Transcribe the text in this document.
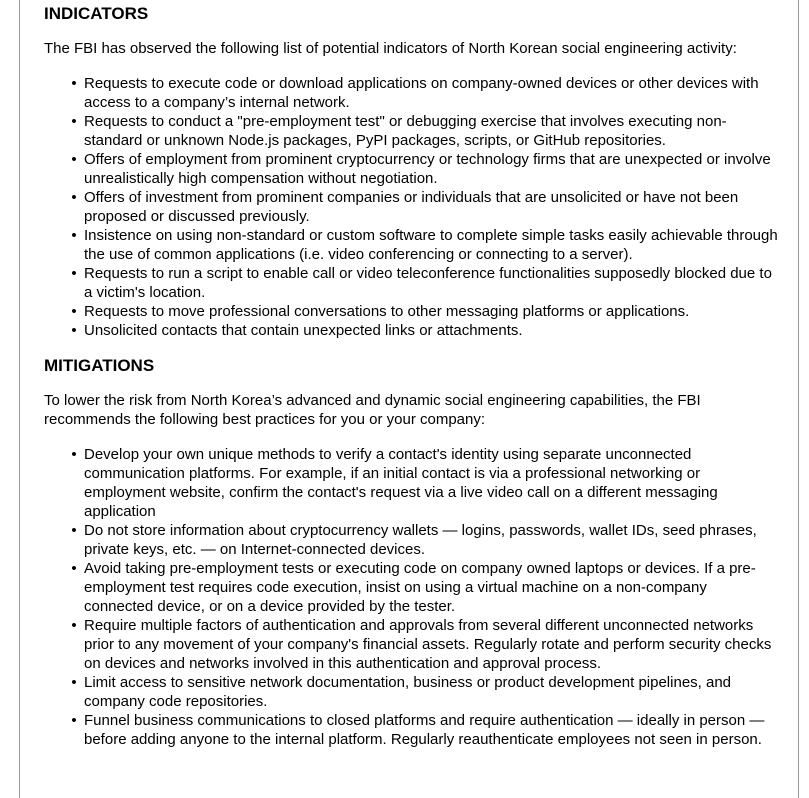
INDICATORS

The FBI has observed the following list of potential indicators of North Korean social engineering activity:

• Requests to execute code or download applications on company-owned devices or other devices with access to a company’s internal network.
• Requests to conduct a "pre-employment test" or debugging exercise that involves executing non-standard or unknown Node.js packages, PyPI packages, scripts, or GitHub repositories.
• Offers of employment from prominent cryptocurrency or technology firms that are unexpected or involve unrealistically high compensation without negotiation.
• Offers of investment from prominent companies or individuals that are unsolicited or have not been proposed or discussed previously.
• Insistence on using non-standard or custom software to complete simple tasks easily achievable through the use of common applications (i.e. video conferencing or connecting to a server).
• Requests to run a script to enable call or video teleconference functionalities supposedly blocked due to a victim's location.
• Requests to move professional conversations to other messaging platforms or applications.
• Unsolicited contacts that contain unexpected links or attachments.
MITIGATIONS

To lower the risk from North Korea’s advanced and dynamic social engineering capabilities, the FBI recommends the following best practices for you or your company:

• Develop your own unique methods to verify a contact's identity using separate unconnected communication platforms. For example, if an initial contact is via a professional networking or employment website, confirm the contact's request via a live video call on a different messaging application
• Do not store information about cryptocurrency wallets — logins, passwords, wallet IDs, seed phrases, private keys, etc. — on Internet-connected devices.
• Avoid taking pre-employment tests or executing code on company owned laptops or devices. If a pre-employment test requires code execution, insist on using a virtual machine on a non-company connected device, or on a device provided by the tester.
• Require multiple factors of authentication and approvals from several different unconnected networks prior to any movement of your company's financial assets. Regularly rotate and perform security checks on devices and networks involved in this authentication and approval process.
• Limit access to sensitive network documentation, business or product development pipelines, and company code repositories.
• Funnel business communications to closed platforms and require authentication — ideally in person — before adding anyone to the internal platform. Regularly reauthenticate employees not seen in person.
